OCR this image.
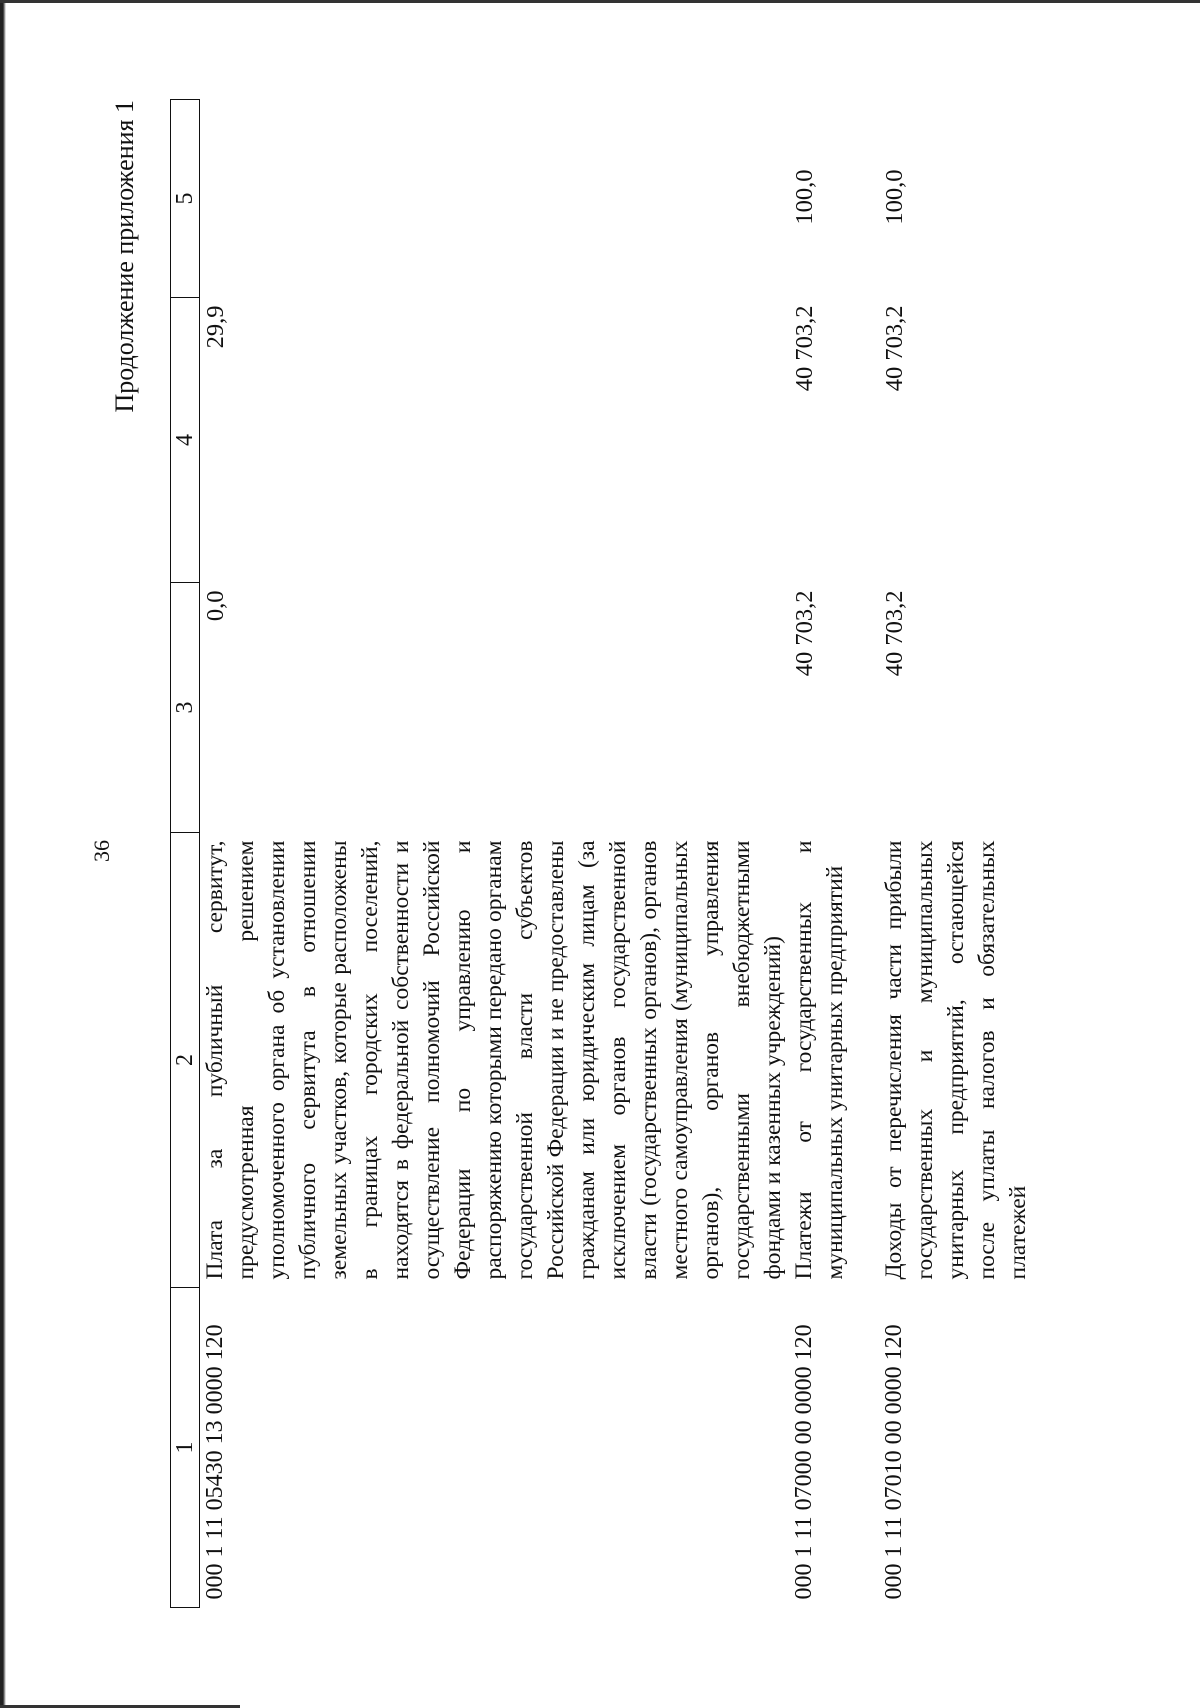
36
Продолжение приложения 1
1	2	3	4	5
000 1 11 05430 13 0000 120	Плата за публичный сервитут, предусмотренная решением уполномоченного органа об установлении публичного сервитута в отношении земельных участков, которые расположены в границах городских поселений, находятся в федеральной собственности и осуществление полномочий Российской Федерации по управлению и распоряжению которыми передано органам государственной власти субъектов Российской Федерации и не предоставлены гражданам или юридическим лицам (за исключением органов государственной власти (государственных органов), органов местного самоуправления (муниципальных органов), органов управления государственными внебюджетными фондами и казенных учреждений)	0,0	29,9	
000 1 11 07000 00 0000 120	Платежи от государственных и муниципальных унитарных предприятий	40 703,2	40 703,2	100,0
000 1 11 07010 00 0000 120	Доходы от перечисления части прибыли государственных и муниципальных унитарных предприятий, остающейся после уплаты налогов и обязательных платежей	40 703,2	40 703,2	100,0
